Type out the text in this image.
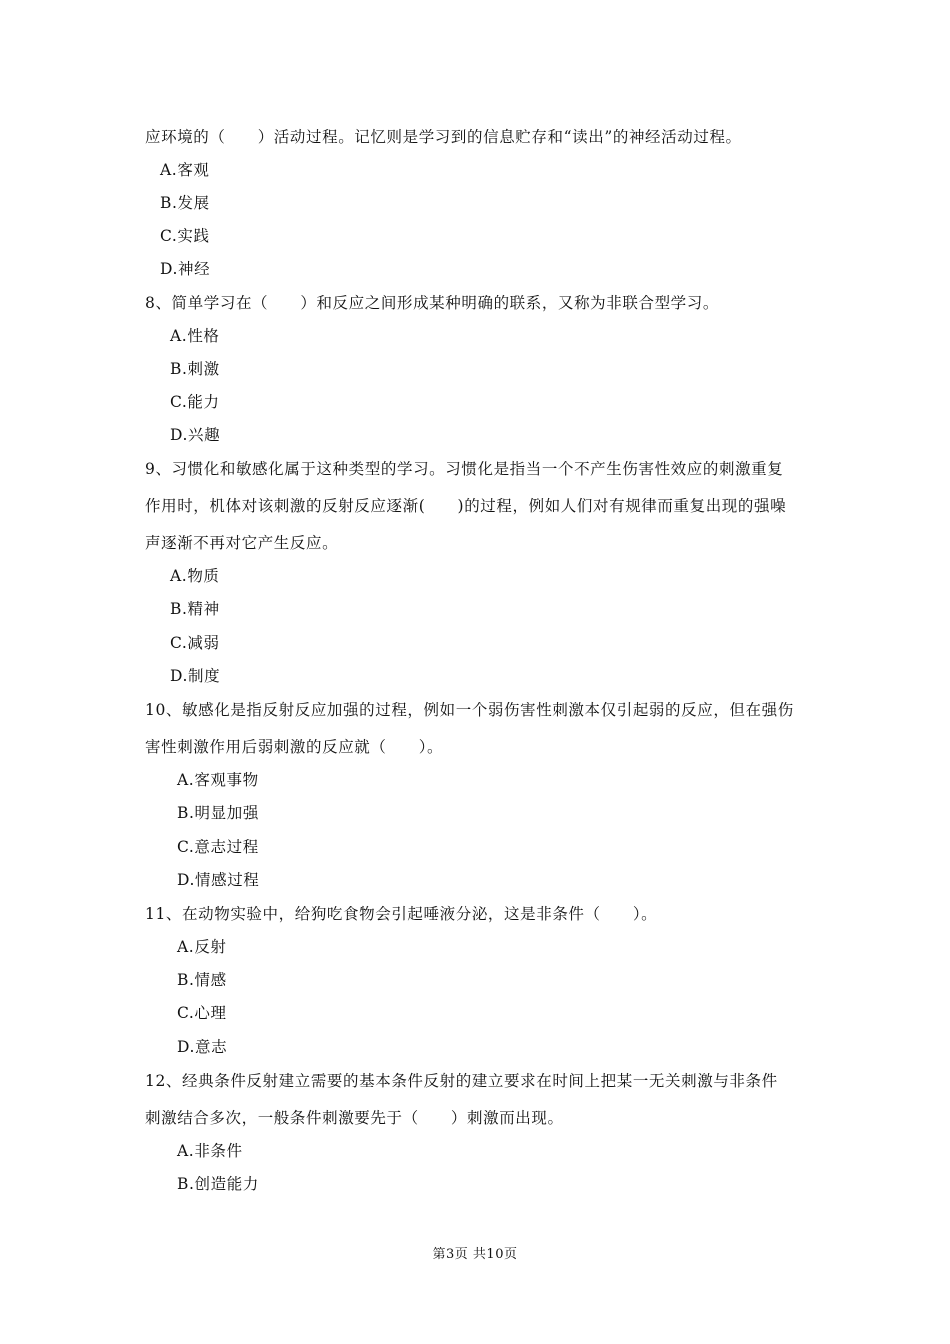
应环境的（　　）活动过程。记忆则是学习到的信息贮存和“读出”的神经活动过程。
A.客观
B.发展
C.实践
D.神经
8、简单学习在（　　）和反应之间形成某种明确的联系，又称为非联合型学习。
A.性格
B.刺激
C.能力
D.兴趣
9、习惯化和敏感化属于这种类型的学习。习惯化是指当一个不产生伤害性效应的刺激重复
作用时，机体对该刺激的反射反应逐渐(　　)的过程，例如人们对有规律而重复出现的强噪
声逐渐不再对它产生反应。
A.物质
B.精神
C.减弱
D.制度
10、敏感化是指反射反应加强的过程，例如一个弱伤害性刺激本仅引起弱的反应，但在强伤
害性刺激作用后弱刺激的反应就（　　）。
A.客观事物
B.明显加强
C.意志过程
D.情感过程
11、在动物实验中，给狗吃食物会引起唾液分泌，这是非条件（　　）。
A.反射
B.情感
C.心理
D.意志
12、经典条件反射建立需要的基本条件反射的建立要求在时间上把某一无关刺激与非条件
刺激结合多次，一般条件刺激要先于（　　）刺激而出现。
A.非条件
B.创造能力
第3页 共10页
